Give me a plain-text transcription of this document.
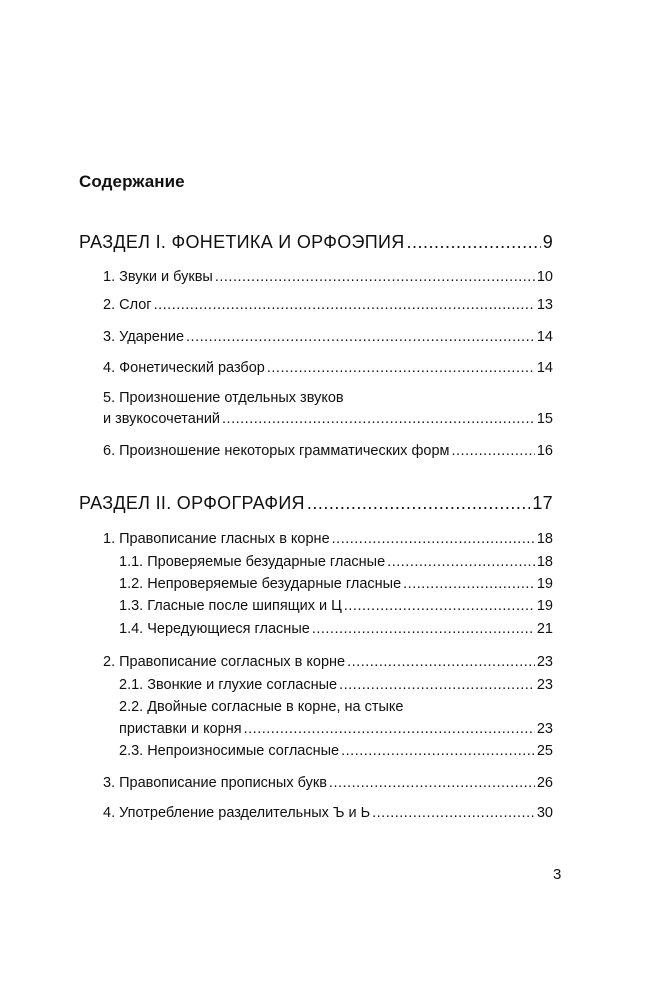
Содержание
РАЗДЕЛ I. ФОНЕТИКА И ОРФОЭПИЯ .....	9
1. Звуки и буквы .....	10
2. Слог .....	13
3. Ударение .....	14
4. Фонетический разбор .....	14
5. Произношение отдельных звуков
и звукосочетаний .....	15
6. Произношение некоторых грамматических форм .....	16
РАЗДЕЛ II. ОРФОГРАФИЯ .....	17
1. Правописание гласных в корне .....	18
1.1. Проверяемые безударные гласные .....	18
1.2. Непроверяемые безударные гласные .....	19
1.3. Гласные после шипящих и Ц .....	19
1.4. Чередующиеся гласные .....	21
2. Правописание согласных в корне .....	23
2.1. Звонкие и глухие согласные .....	23
2.2. Двойные согласные в корне, на стыке
приставки и корня .....	23
2.3. Непроизносимые согласные .....	25
3. Правописание прописных букв .....	26
4. Употребление разделительных Ъ и Ь .....	30
3
